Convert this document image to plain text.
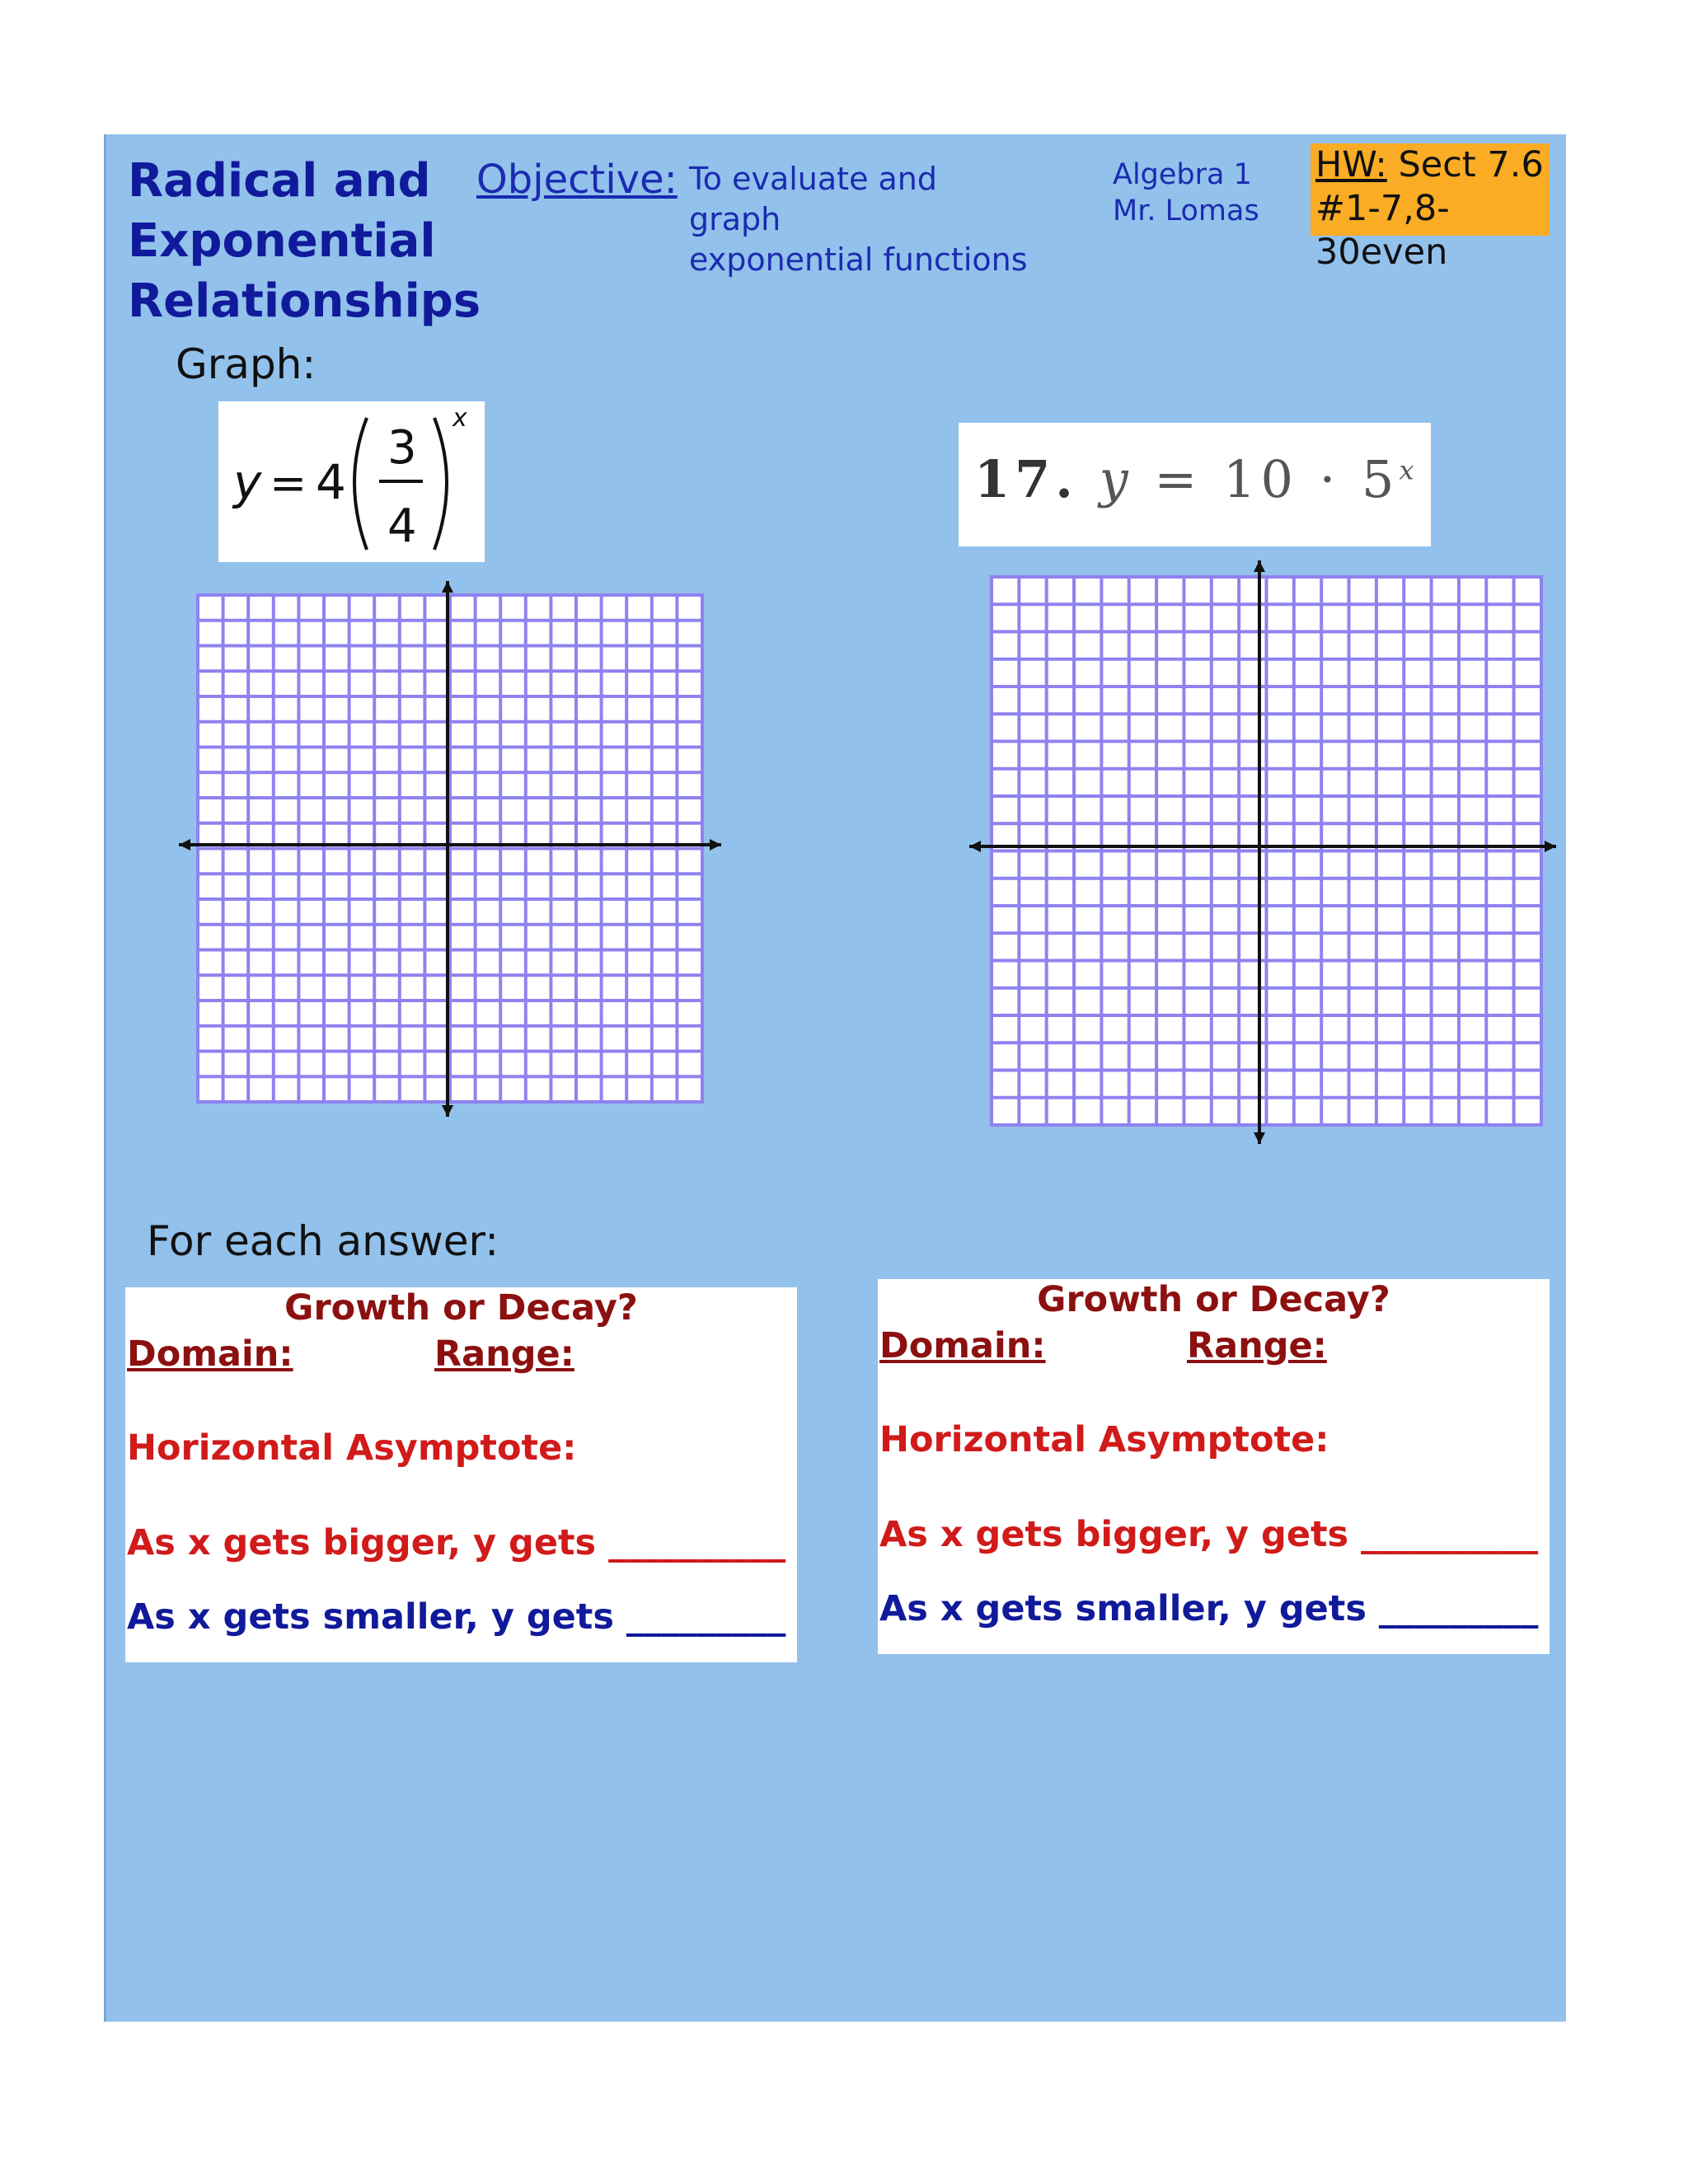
Radical and
Exponential
Relationships
Objective: To evaluate and graph
exponential functions
Algebra 1
Mr. Lomas
HW: Sect 7.6
#1-7,8-30even
Graph:
y = 4
3
4
x
17. $y = 10 \cdot 5^x$
For each answer:
Growth or Decay?
Domain:	Range:
Horizontal Asymptote:
As x gets bigger, y gets __________
As x gets smaller, y gets _________
Growth or Decay?
Domain:	Range:
Horizontal Asymptote:
As x gets bigger, y gets __________
As x gets smaller, y gets _________
